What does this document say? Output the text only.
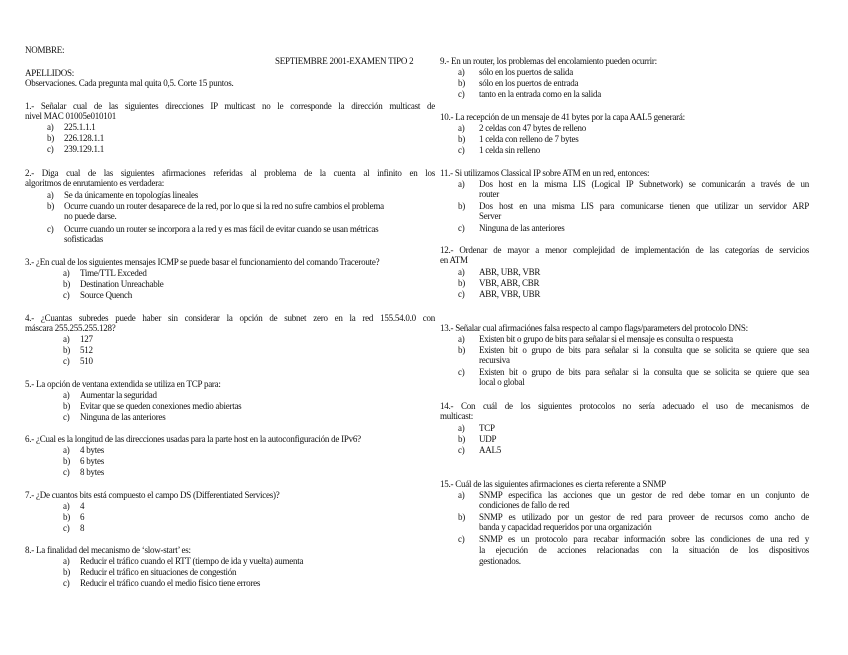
NOMBRE:
SEPTIEMBRE 2001-EXAMEN TIPO 2
APELLIDOS:
Observaciones. Cada pregunta mal quita 0,5. Corte 15 puntos.
1.- Señalar cual de las siguientes direcciones IP multicast no le corresponde la dirección multicast de
nivel MAC 01005e010101
a) 225.1.1.1
b) 226.128.1.1
c) 239.129.1.1
2.- Diga cual de las siguientes afirmaciones referidas al problema de la cuenta al infinito en los
algoritmos de enrutamiento es verdadera:
a) Se da únicamente en topologías lineales
b) Ocurre cuando un router desaparece de la red, por lo que si la red no sufre cambios el problema
no puede darse.
c) Ocurre cuando un router se incorpora a la red y es mas fácil de evitar cuando se usan métricas
sofisticadas
3.- ¿En cual de los siguientes mensajes ICMP se puede basar el funcionamiento del comando Traceroute?
a) Time/TTL Exceded
b) Destination Unreachable
c) Source Quench
4.- ¿Cuantas subredes puede haber sin considerar la opción de subnet zero en la red 155.54.0.0 con
máscara 255.255.255.128?
a) 127
b) 512
c) 510
5.- La opción de ventana extendida se utiliza en TCP para:
a) Aumentar la seguridad
b) Evitar que se queden conexiones medio abiertas
c) Ninguna de las anteriores
6.- ¿Cual es la longitud de las direcciones usadas para la parte host en la autoconfiguración de IPv6?
a) 4 bytes
b) 6 bytes
c) 8 bytes
7.- ¿De cuantos bits está compuesto el campo DS (Differentiated Services)?
a) 4
b) 6
c) 8
8.- La finalidad del mecanismo de ‘slow-start’ es:
a) Reducir el tráfico cuando el RTT (tiempo de ida y vuelta) aumenta
b) Reducir el tráfico en situaciones de congestión
c) Reducir el tráfico cuando el medio físico tiene errores
9.- En un router, los problemas del encolamiento pueden ocurrir:
a) sólo en los puertos de salida
b) sólo en los puertos de entrada
c) tanto en la entrada como en la salida
10.- La recepción de un mensaje de 41 bytes por la capa AAL5 generará:
a) 2 celdas con 47 bytes de relleno
b) 1 celda con relleno de 7 bytes
c) 1 celda sin relleno
11.- Si utilizamos Classical IP sobre ATM en un red, entonces:
a) Dos host en la misma LIS (Logical IP Subnetwork) se comunicarán a través de un
router
b) Dos host en una misma LIS para comunicarse tienen que utilizar un servidor ARP
Server
c) Ninguna de las anteriores
12.- Ordenar de mayor a menor complejidad de implementación de las categorías de servicios
en ATM
a) ABR, UBR, VBR
b) VBR, ABR, CBR
c) ABR, VBR, UBR
13.- Señalar cual afirmaciónes falsa respecto al campo flags/parameters del protocolo DNS:
a) Existen bit o grupo de bits para señalar si el mensaje es consulta o respuesta
b) Existen bit o grupo de bits para señalar si la consulta que se solicita se quiere que sea
recursiva
c) Existen bit o grupo de bits para señalar si la consulta que se solicita se quiere que sea
local o global
14.- Con cuál de los siguientes protocolos no sería adecuado el uso de mecanismos de
multicast:
a) TCP
b) UDP
c) AAL5
15.- Cuál de las siguientes afirmaciones es cierta referente a SNMP
a) SNMP especifica las acciones que un gestor de red debe tomar en un conjunto de
condiciones de fallo de red
b) SNMP es utilizado por un gestor de red para proveer de recursos como ancho de
banda y capacidad requeridos por una organización
c) SNMP es un protocolo para recabar información sobre las condiciones de una red y
la ejecución de acciones relacionadas con la situación de los dispositivos
gestionados.
